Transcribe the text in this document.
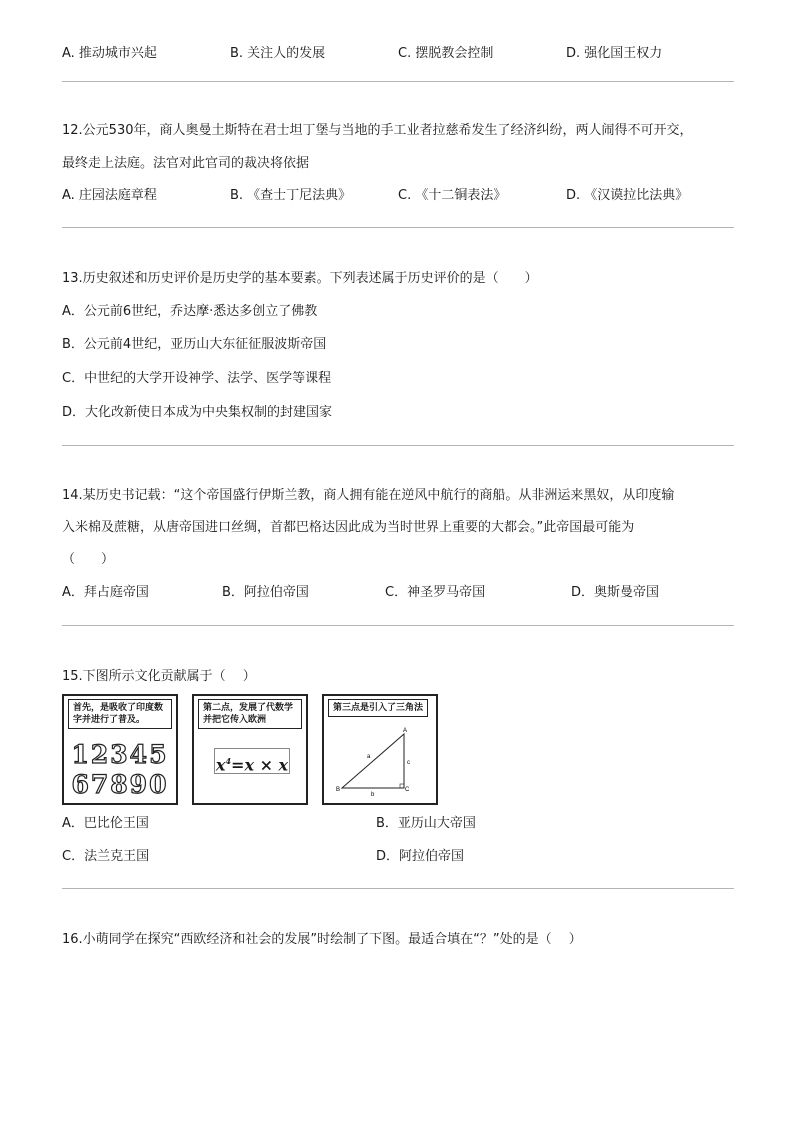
A. 推动城市兴起	B. 关注人的发展	C. 摆脱教会控制	D. 强化国王权力
12.公元530年，商人奥曼土斯特在君士坦丁堡与当地的手工业者拉慈希发生了经济纠纷，两人闹得不可开交，
最终走上法庭。法官对此官司的裁决将依据
A. 庄园法庭章程	B. 《查士丁尼法典》	C. 《十二铜表法》	D. 《汉谟拉比法典》
13.历史叙述和历史评价是历史学的基本要素。下列表述属于历史评价的是（　　）
A．公元前6世纪，乔达摩·悉达多创立了佛教
B．公元前4世纪，亚历山大东征征服波斯帝国
C．中世纪的大学开设神学、法学、医学等课程
D．大化改新使日本成为中央集权制的封建国家
14.某历史书记载：“这个帝国盛行伊斯兰教，商人拥有能在逆风中航行的商船。从非洲运来黑奴，从印度输
入米棉及蔗糖，从唐帝国进口丝绸，首都巴格达因此成为当时世界上重要的大都会。”此帝国最可能为
（　　）
A．拜占庭帝国	B．阿拉伯帝国	C．神圣罗马帝国	D．奥斯曼帝国
15.下图所示文化贡献属于（　 ）
首先，是吸收了印度数字并进行了普及。
12345
67890
第二点，发展了代数学并把它传入欧洲
$x^4=x \times x$
第三点是引入了三角法
a
b
c
A
B	C
A．巴比伦王国	B．亚历山大帝国
C．法兰克王国	D．阿拉伯帝国
16.小萌同学在探究“西欧经济和社会的发展”时绘制了下图。最适合填在“？”处的是（　 ）
